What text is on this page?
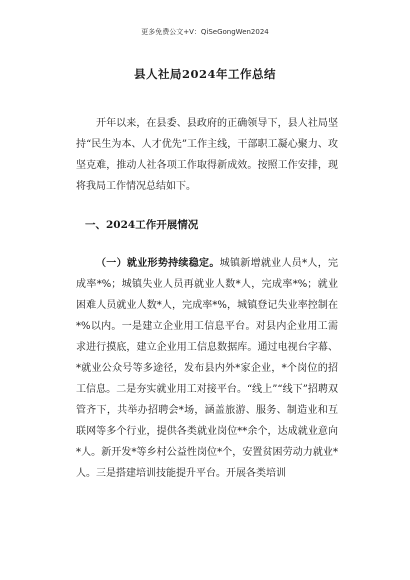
更多免费公文+V：QiSeGongWen2024
县人社局2024年工作总结

开年以来，在县委、县政府的正确领导下，县人社局坚持“民生为本、人才优先”工作主线，干部职工凝心聚力、攻坚克难，推动人社各项工作取得新成效。按照工作安排，现将我局工作情况总结如下。

一、2024工作开展情况

（一）就业形势持续稳定。城镇新增就业人员*人，完成率*%；城镇失业人员再就业人数*人，完成率*%；就业困难人员就业人数*人，完成率*%，城镇登记失业率控制在*%以内。一是建立企业用工信息平台。对县内企业用工需求进行摸底，建立企业用工信息数据库。通过电视台字幕、*就业公众号等多途径，发布县内外*家企业，*个岗位的招工信息。二是夯实就业用工对接平台。“线上”“线下”招聘双管齐下，共举办招聘会*场，涵盖旅游、服务、制造业和互联网等多个行业，提供各类就业岗位**余个，达成就业意向*人。新开发*等乡村公益性岗位*个，安置贫困劳动力就业*人。三是搭建培训技能提升平台。开展各类培训
